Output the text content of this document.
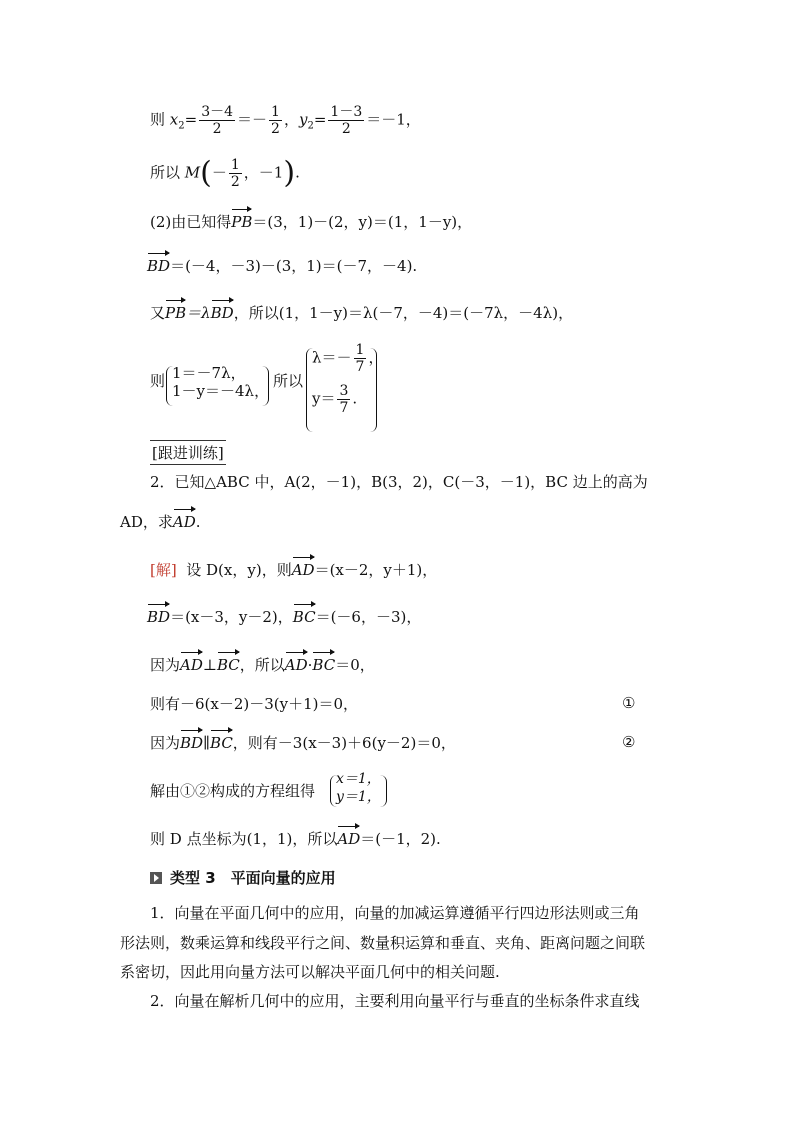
则 $x_2= \frac{3-4}{2} =- \frac{1}{2}$ ，$y_2= \frac{1-3}{2} =-1$，
所以 $M(- \frac{1}{2}$ ，－1).
(2)由已知得PB＝(3，1)－(2，y)＝(1，1－y)，
BD＝(－4，－3)－(3，1)＝(－7，－4).
又PB＝λBD，所以(1，1－y)＝λ(－7，－4)＝(－7λ，－4λ)，
则 1＝－7λ，
1－y＝－4λ，
所以
$\lambda=- \frac{1}{7}$ ，
$y= \frac{3}{7}$ .
[跟进训练]
2．已知△ABC 中，A(2，－1)，B(3，2)，C(－3，－1)，BC 边上的高为
AD，求AD.
[解] 设 D(x，y)，则AD＝(x－2，y＋1)，
BD＝(x－3，y－2)，BC＝(－6，－3)，
因为AD⊥BC，所以AD·BC＝0，
则有－6(x－2)－3(y＋1)＝0，	①
因为BD∥BC，则有－3(x－3)＋6(y－2)＝0，	②
解由①②构成的方程组得
x＝1，
y＝1，
则 D 点坐标为(1，1)，所以AD＝(－1，2).
类型 3　平面向量的应用
1．向量在平面几何中的应用，向量的加减运算遵循平行四边形法则或三角
形法则，数乘运算和线段平行之间、数量积运算和垂直、夹角、距离问题之间联
系密切，因此用向量方法可以解决平面几何中的相关问题.
2．向量在解析几何中的应用，主要利用向量平行与垂直的坐标条件求直线
